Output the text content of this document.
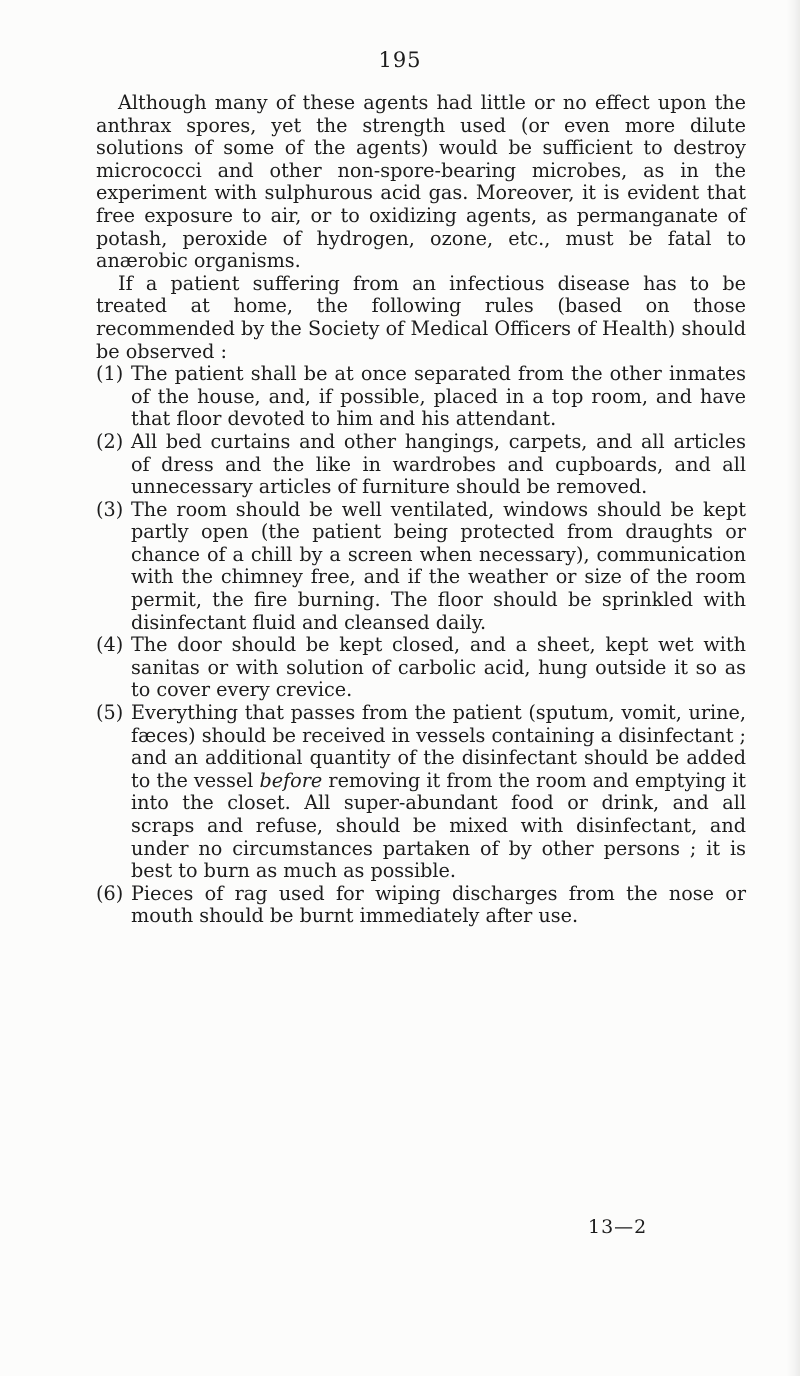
195

Although many of these agents had little or no effect upon the anthrax spores, yet the strength used (or even more dilute solutions of some of the agents) would be sufficient to destroy micrococci and other non-spore-bearing microbes, as in the experiment with sulphurous acid gas. Moreover, it is evident that free exposure to air, or to oxidizing agents, as permanganate of potash, peroxide of hydrogen, ozone, etc., must be fatal to anærobic organisms.

If a patient suffering from an infectious disease has to be treated at home, the following rules (based on those recommended by the Society of Medical Officers of Health) should be observed :

(1) The patient shall be at once separated from the other inmates of the house, and, if possible, placed in a top room, and have that floor devoted to him and his attendant.
(2) All bed curtains and other hangings, carpets, and all articles of dress and the like in wardrobes and cupboards, and all unnecessary articles of furniture should be removed.
(3) The room should be well ventilated, windows should be kept partly open (the patient being protected from draughts or chance of a chill by a screen when necessary), communication with the chimney free, and if the weather or size of the room permit, the fire burning. The floor should be sprinkled with disinfectant fluid and cleansed daily.
(4) The door should be kept closed, and a sheet, kept wet with sanitas or with solution of carbolic acid, hung outside it so as to cover every crevice.
(5) Everything that passes from the patient (sputum, vomit, urine, fæces) should be received in vessels containing a disinfectant ; and an additional quantity of the disinfectant should be added to the vessel before removing it from the room and emptying it into the closet. All super-abundant food or drink, and all scraps and refuse, should be mixed with disinfectant, and under no circumstances partaken of by other persons ; it is best to burn as much as possible.
(6) Pieces of rag used for wiping discharges from the nose or mouth should be burnt immediately after use.
13—2
